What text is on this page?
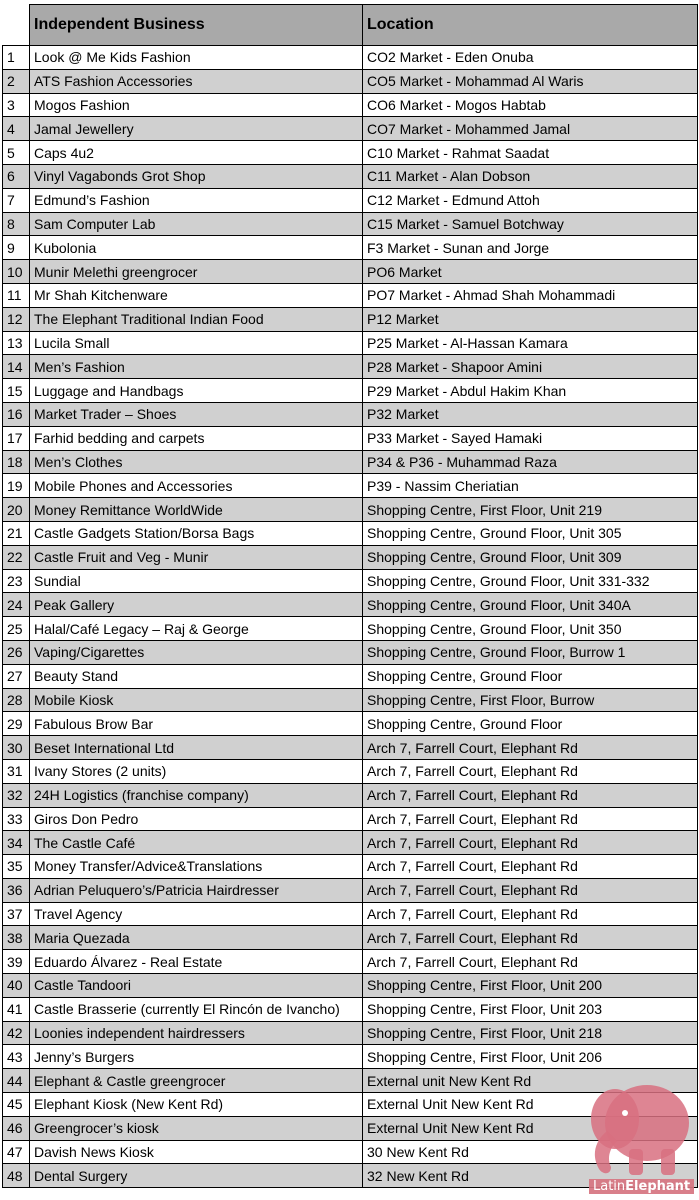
	Independent Business	Location
1	Look @ Me Kids Fashion	CO2 Market - Eden Onuba
2	ATS Fashion Accessories	CO5 Market - Mohammad Al Waris
3	Mogos Fashion	CO6 Market - Mogos Habtab
4	Jamal Jewellery	CO7 Market - Mohammed Jamal
5	Caps 4u2	C10 Market - Rahmat Saadat
6	Vinyl Vagabonds Grot Shop	C11 Market - Alan Dobson
7	Edmund’s Fashion	C12 Market - Edmund Attoh
8	Sam Computer Lab	C15 Market - Samuel Botchway
9	Kubolonia	F3 Market - Sunan and Jorge
10	Munir Melethi greengrocer	PO6 Market
11	Mr Shah Kitchenware	PO7 Market - Ahmad Shah Mohammadi
12	The Elephant Traditional Indian Food	P12 Market
13	Lucila Small	P25 Market - Al-Hassan Kamara
14	Men’s Fashion	P28 Market - Shapoor Amini
15	Luggage and Handbags	P29 Market - Abdul Hakim Khan
16	Market Trader – Shoes	P32 Market
17	Farhid bedding and carpets	P33 Market - Sayed Hamaki
18	Men’s Clothes	P34 & P36 - Muhammad Raza
19	Mobile Phones and Accessories	P39 - Nassim Cheriatian
20	Money Remittance WorldWide	Shopping Centre, First Floor, Unit 219
21	Castle Gadgets Station/Borsa Bags	Shopping Centre, Ground Floor, Unit 305
22	Castle Fruit and Veg - Munir	Shopping Centre, Ground Floor, Unit 309
23	Sundial	Shopping Centre, Ground Floor, Unit 331-332
24	Peak Gallery	Shopping Centre, Ground Floor, Unit 340A
25	Halal/Café Legacy – Raj & George	Shopping Centre, Ground Floor, Unit 350
26	Vaping/Cigarettes	Shopping Centre, Ground Floor, Burrow 1
27	Beauty Stand	Shopping Centre, Ground Floor
28	Mobile Kiosk	Shopping Centre, First Floor, Burrow
29	Fabulous Brow Bar	Shopping Centre, Ground Floor
30	Beset International Ltd	Arch 7, Farrell Court, Elephant Rd
31	Ivany Stores (2 units)	Arch 7, Farrell Court, Elephant Rd
32	24H Logistics (franchise company)	Arch 7, Farrell Court, Elephant Rd
33	Giros Don Pedro	Arch 7, Farrell Court, Elephant Rd
34	The Castle Café	Arch 7, Farrell Court, Elephant Rd
35	Money Transfer/Advice&Translations	Arch 7, Farrell Court, Elephant Rd
36	Adrian Peluquero’s/Patricia Hairdresser	Arch 7, Farrell Court, Elephant Rd
37	Travel Agency	Arch 7, Farrell Court, Elephant Rd
38	Maria Quezada	Arch 7, Farrell Court, Elephant Rd
39	Eduardo Álvarez - Real Estate	Arch 7, Farrell Court, Elephant Rd
40	Castle Tandoori	Shopping Centre, First Floor, Unit 200
41	Castle Brasserie (currently El Rincón de Ivancho)	Shopping Centre, First Floor, Unit 203
42	Loonies independent hairdressers	Shopping Centre, First Floor, Unit 218
43	Jenny’s Burgers	Shopping Centre, First Floor, Unit 206
44	Elephant & Castle greengrocer	External unit New Kent Rd
45	Elephant Kiosk (New Kent Rd)	External Unit New Kent Rd
46	Greengrocer’s kiosk	External Unit New Kent Rd
47	Davish News Kiosk	30 New Kent Rd
48	Dental Surgery	32 New Kent Rd
LatinElephant
